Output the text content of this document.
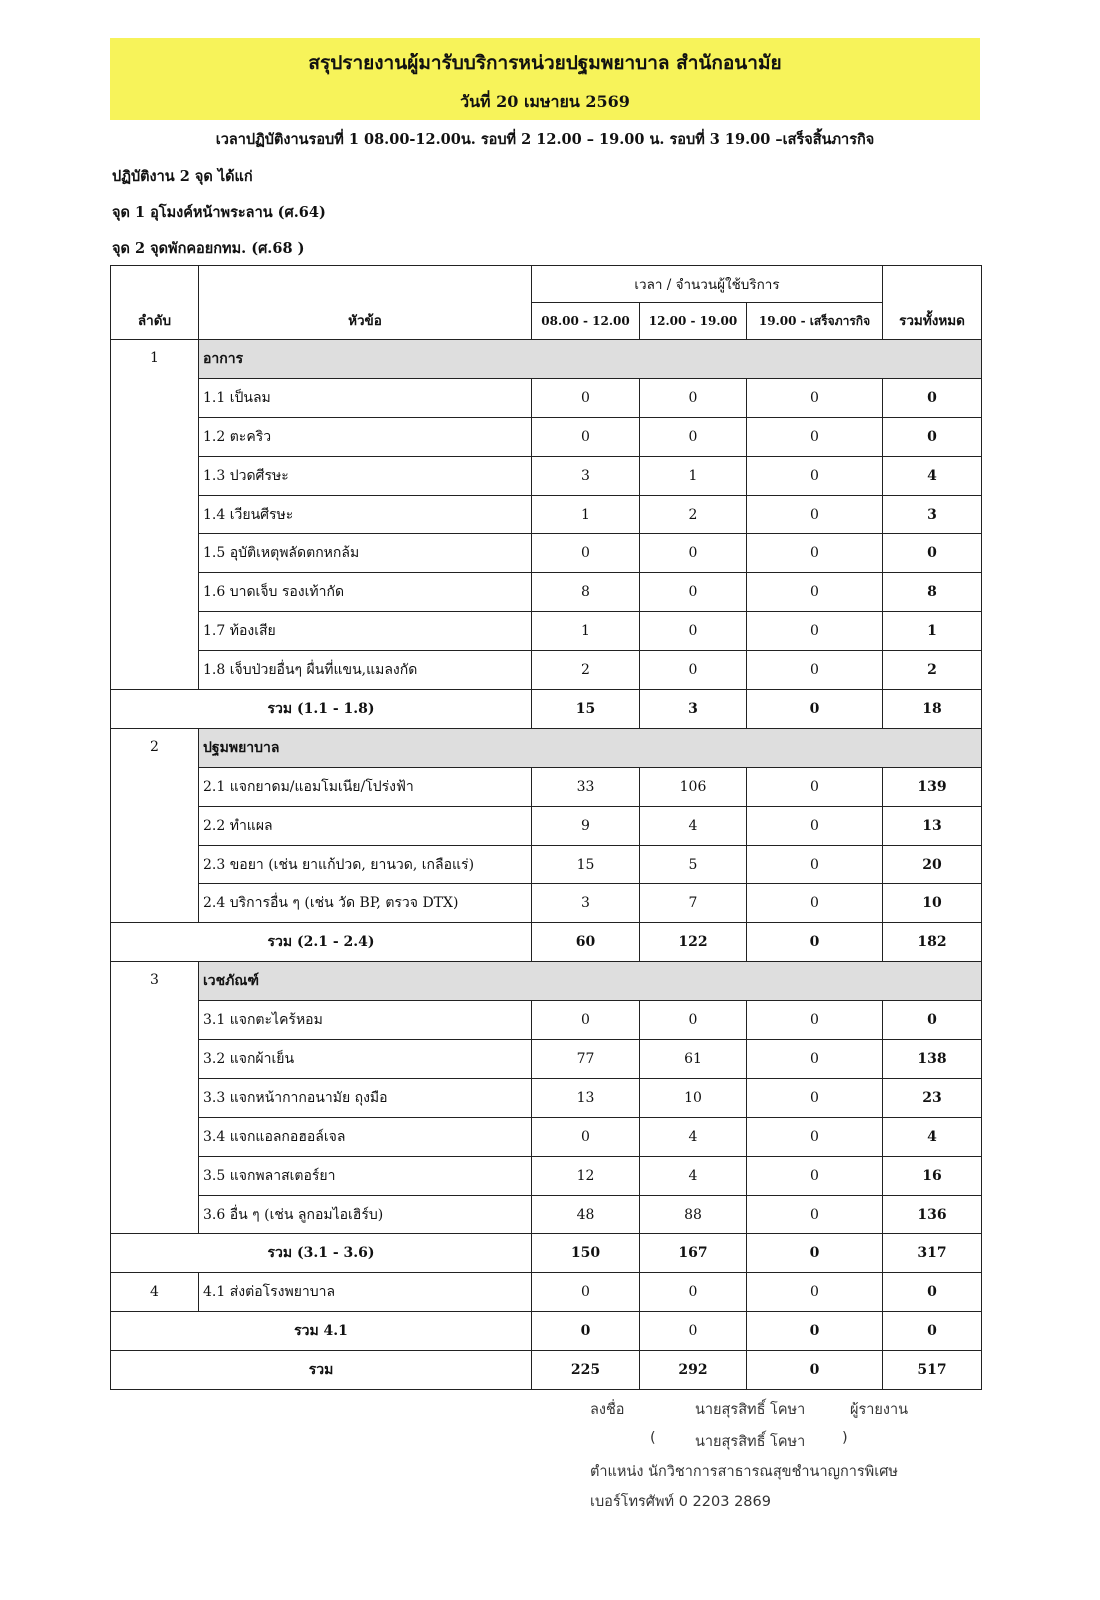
สรุปรายงานผู้มารับบริการหน่วยปฐมพยาบาล สำนักอนามัย
วันที่ 20 เมษายน 2569
เวลาปฏิบัติงานรอบที่ 1 08.00-12.00น. รอบที่ 2 12.00 – 19.00 น. รอบที่ 3 19.00 –เสร็จสิ้นภารกิจ
ปฏิบัติงาน 2 จุด ได้แก่
จุด 1 อุโมงค์หน้าพระลาน (ศ.64)
จุด 2 จุดพักคอยกทม. (ศ.68 )
ลำดับ	หัวข้อ	เวลา / จำนวนผู้ใช้บริการ			รวมทั้งหมด
		08.00 - 12.00	12.00 - 19.00	19.00 - เสร็จภารกิจ	
1	อาการ				
	1.1 เป็นลม	0	0	0	0
	1.2 ตะคริว	0	0	0	0
	1.3 ปวดศีรษะ	3	1	0	4
	1.4 เวียนศีรษะ	1	2	0	3
	1.5 อุบัติเหตุพลัดตกหกล้ม	0	0	0	0
	1.6 บาดเจ็บ รองเท้ากัด	8	0	0	8
	1.7 ท้องเสีย	1	0	0	1
	1.8 เจ็บป่วยอื่นๆ ผื่นที่แขน,แมลงกัด	2	0	0	2
รวม (1.1 - 1.8)		15	3	0	18
2	ปฐมพยาบาล				
	2.1 แจกยาดม/แอมโมเนีย/โปร่งฟ้า	33	106	0	139
	2.2 ทำแผล	9	4	0	13
	2.3 ขอยา (เช่น ยาแก้ปวด, ยานวด, เกลือแร่)	15	5	0	20
	2.4 บริการอื่น ๆ (เช่น วัด BP, ตรวจ DTX)	3	7	0	10
รวม (2.1 - 2.4)		60	122	0	182
3	เวชภัณฑ์				
	3.1 แจกตะไคร้หอม	0	0	0	0
	3.2 แจกผ้าเย็น	77	61	0	138
	3.3 แจกหน้ากากอนามัย ถุงมือ	13	10	0	23
	3.4 แจกแอลกอฮอล์เจล	0	4	0	4
	3.5 แจกพลาสเตอร์ยา	12	4	0	16
	3.6 อื่น ๆ (เช่น ลูกอมไอเฮิร์บ)	48	88	0	136
รวม (3.1 - 3.6)		150	167	0	317
4	4.1 ส่งต่อโรงพยาบาล	0	0	0	0
รวม 4.1		0	0	0	0
รวม		225	292	0	517
ลงชื่อ	นายสุรสิทธิ์ โคษา	ผู้รายงาน
(	นายสุรสิทธิ์ โคษา	)
ตำแหน่ง นักวิชาการสาธารณสุขชำนาญการพิเศษ
เบอร์โทรศัพท์ 0 2203 2869
